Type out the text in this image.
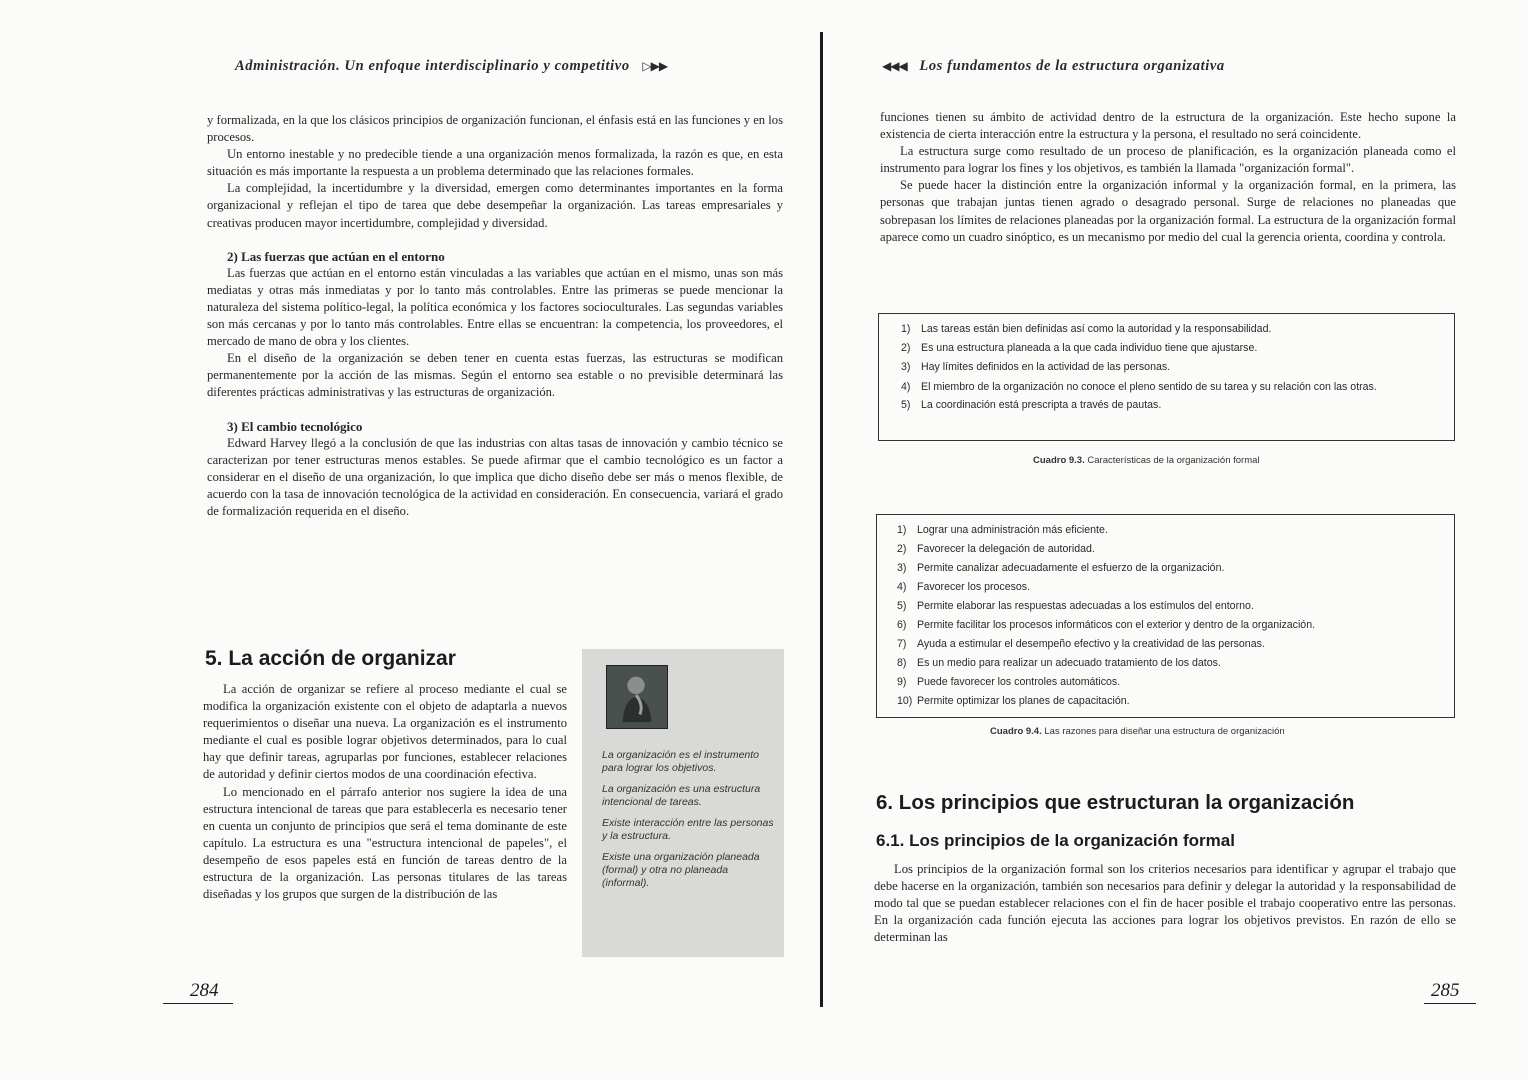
Administración. Un enfoque interdisciplinario y competitivo ▷▶▶

y formalizada, en la que los clásicos principios de organización funcionan, el énfasis está en las funciones y en los procesos.

Un entorno inestable y no predecible tiende a una organización menos formalizada, la razón es que, en esta situación es más importante la respuesta a un problema determinado que las relaciones formales.

La complejidad, la incertidumbre y la diversidad, emergen como determinantes importantes en la forma organizacional y reflejan el tipo de tarea que debe desempeñar la organización. Las tareas empresariales y creativas producen mayor incertidumbre, complejidad y diversidad.

2) Las fuerzas que actúan en el entorno

Las fuerzas que actúan en el entorno están vinculadas a las variables que actúan en el mismo, unas son más mediatas y otras más inmediatas y por lo tanto más controlables. Entre las primeras se puede mencionar la naturaleza del sistema político-legal, la política económica y los factores socioculturales. Las segundas variables son más cercanas y por lo tanto más controlables. Entre ellas se encuentran: la competencia, los proveedores, el mercado de mano de obra y los clientes.

En el diseño de la organización se deben tener en cuenta estas fuerzas, las estructuras se modifican permanentemente por la acción de las mismas. Según el entorno sea estable o no previsible determinará las diferentes prácticas administrativas y las estructuras de organización.

3) El cambio tecnológico

Edward Harvey llegó a la conclusión de que las industrias con altas tasas de innovación y cambio técnico se caracterizan por tener estructuras menos estables. Se puede afirmar que el cambio tecnológico es un factor a considerar en el diseño de una organización, lo que implica que dicho diseño debe ser más o menos flexible, de acuerdo con la tasa de innovación tecnológica de la actividad en consideración. En consecuencia, variará el grado de formalización requerida en el diseño.

5. La acción de organizar

La acción de organizar se refiere al proceso mediante el cual se modifica la organización existente con el objeto de adaptarla a nuevos requerimientos o diseñar una nueva. La organización es el instrumento mediante el cual es posible lograr objetivos determinados, para lo cual hay que definir tareas, agruparlas por funciones, establecer relaciones de autoridad y definir ciertos modos de una coordinación efectiva.

Lo mencionado en el párrafo anterior nos sugiere la idea de una estructura intencional de tareas que para establecerla es necesario tener en cuenta un conjunto de principios que será el tema dominante de este capítulo. La estructura es una "estructura intencional de papeles", el desempeño de esos papeles está en función de tareas dentro de la estructura de la organización. Las personas titulares de las tareas diseñadas y los grupos que surgen de la distribución de las

La organización es el instrumento para lograr los objetivos.

La organización es una estructura intencional de tareas.

Existe interacción entre las personas y la estructura.

Existe una organización planeada (formal) y otra no planeada (informal).

284
◀◀◀ Los fundamentos de la estructura organizativa

funciones tienen su ámbito de actividad dentro de la estructura de la organización. Este hecho supone la existencia de cierta interacción entre la estructura y la persona, el resultado no será coincidente.

La estructura surge como resultado de un proceso de planificación, es la organización planeada como el instrumento para lograr los fines y los objetivos, es también la llamada "organización formal".

Se puede hacer la distinción entre la organización informal y la organización formal, en la primera, las personas que trabajan juntas tienen agrado o desagrado personal. Surge de relaciones no planeadas que sobrepasan los límites de relaciones planeadas por la organización formal. La estructura de la organización formal aparece como un cuadro sinóptico, es un mecanismo por medio del cual la gerencia orienta, coordina y controla.

1) Las tareas están bien definidas así como la autoridad y la responsabilidad.
2) Es una estructura planeada a la que cada individuo tiene que ajustarse.
3) Hay límites definidos en la actividad de las personas.
4) El miembro de la organización no conoce el pleno sentido de su tarea y su relación con las otras.
5) La coordinación está prescripta a través de pautas.
Cuadro 9.3. Características de la organización formal
1) Lograr una administración más eficiente.
2) Favorecer la delegación de autoridad.
3) Permite canalizar adecuadamente el esfuerzo de la organización.
4) Favorecer los procesos.
5) Permite elaborar las respuestas adecuadas a los estímulos del entorno.
6) Permite facilitar los procesos informáticos con el exterior y dentro de la organización.
7) Ayuda a estimular el desempeño efectivo y la creatividad de las personas.
8) Es un medio para realizar un adecuado tratamiento de los datos.
9) Puede favorecer los controles automáticos.
10) Permite optimizar los planes de capacitación.
Cuadro 9.4. Las razones para diseñar una estructura de organización
6. Los principios que estructuran la organización
6.1. Los principios de la organización formal

Los principios de la organización formal son los criterios necesarios para identificar y agrupar el trabajo que debe hacerse en la organización, también son necesarios para definir y delegar la autoridad y la responsabilidad de modo tal que se puedan establecer relaciones con el fin de hacer posible el trabajo cooperativo entre las personas. En la organización cada función ejecuta las acciones para lograr los objetivos previstos. En razón de ello se determinan las

285
